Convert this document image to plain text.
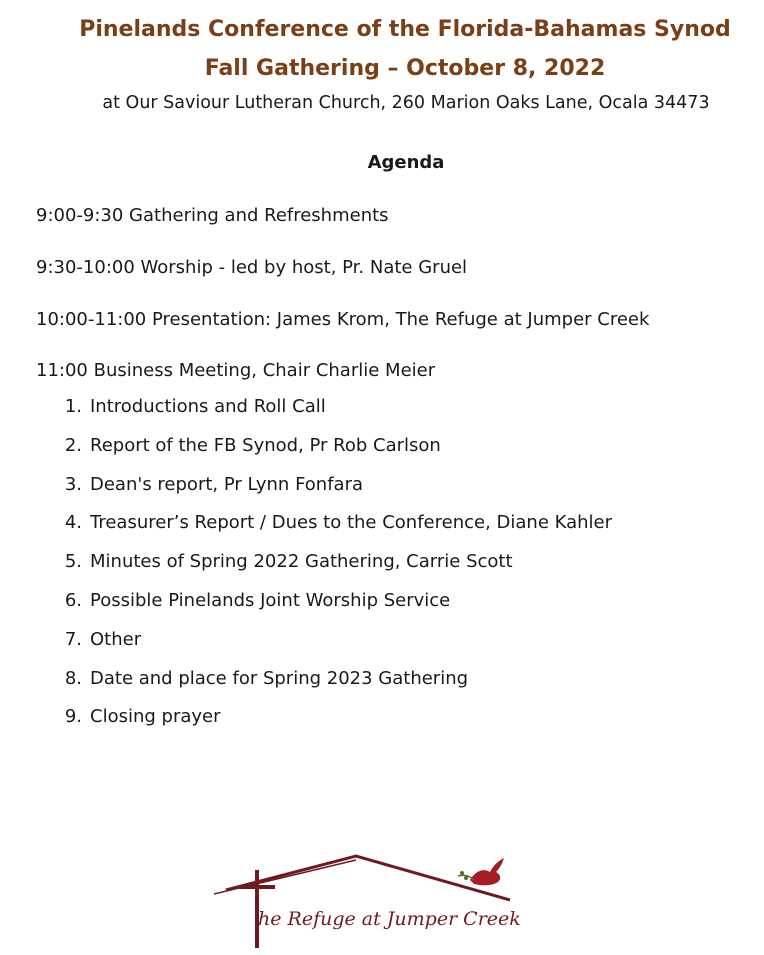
Pinelands Conference of the Florida-Bahamas Synod
Fall Gathering – October 8, 2022

at Our Saviour Lutheran Church, 260 Marion Oaks Lane, Ocala 34473

Agenda

9:00-9:30 Gathering and Refreshments

9:30-10:00 Worship - led by host, Pr. Nate Gruel

10:00-11:00 Presentation: James Krom, The Refuge at Jumper Creek

11:00 Business Meeting, Chair Charlie Meier

1. Introductions and Roll Call
2. Report of the FB Synod, Pr Rob Carlson
3. Dean's report, Pr Lynn Fonfara
4. Treasurer’s Report / Dues to the Conference, Diane Kahler
5. Minutes of Spring 2022 Gathering, Carrie Scott
6. Possible Pinelands Joint Worship Service
7. Other
8. Date and place for Spring 2023 Gathering
9. Closing prayer
he Refuge at Jumper Creek
